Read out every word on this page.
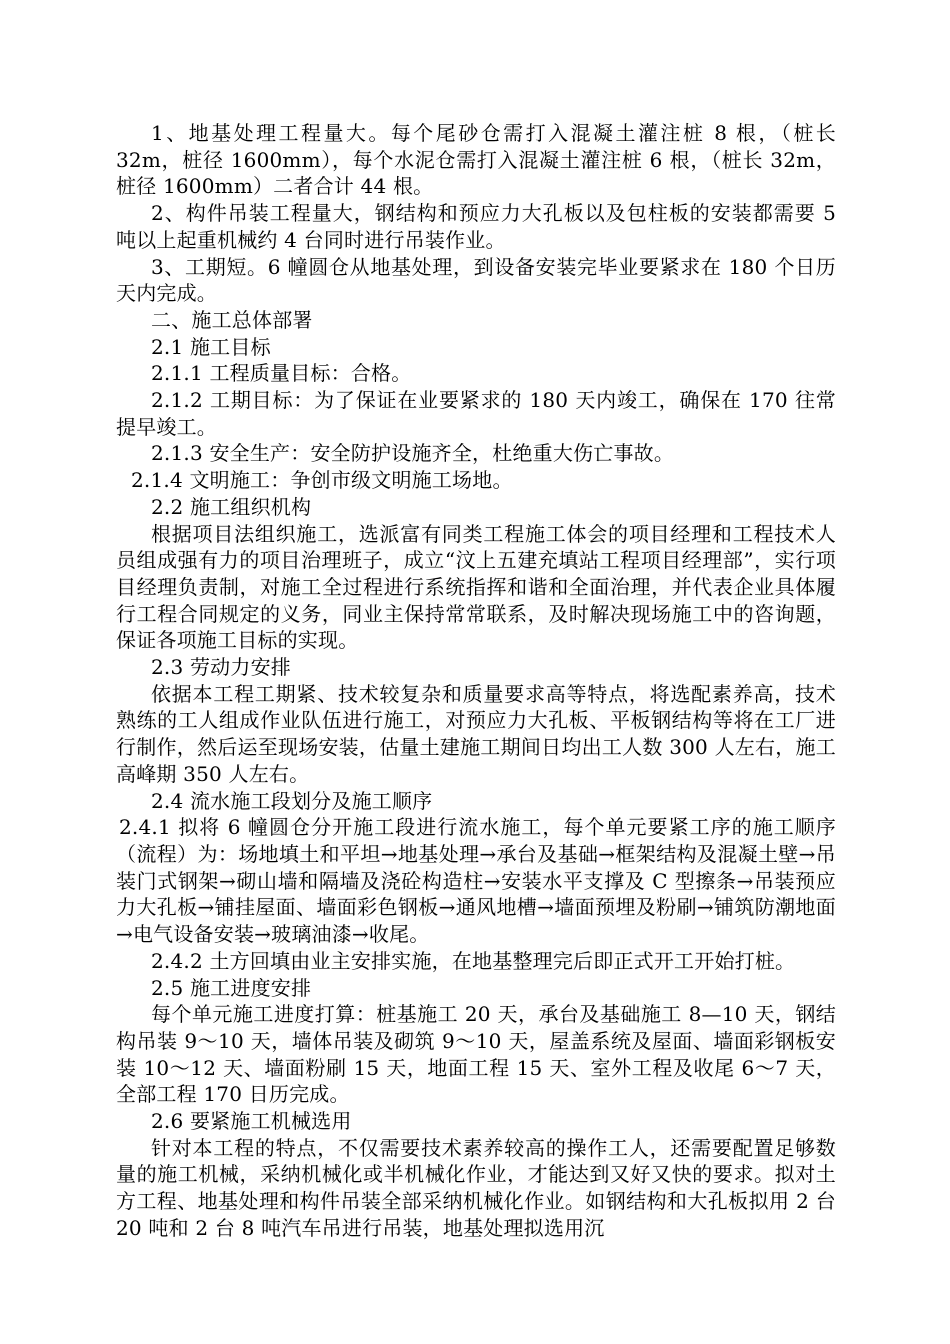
1、地基处理工程量大。每个尾砂仓需打入混凝土灌注桩 8 根，（桩长 32m，桩径 1600mm），每个水泥仓需打入混凝土灌注桩 6 根，（桩长 32m，桩径 1600mm）二者合计 44 根。

2、构件吊装工程量大，钢结构和预应力大孔板以及包柱板的安装都需要 5 吨以上起重机械约 4 台同时进行吊装作业。

3、工期短。6 幢圆仓从地基处理，到设备安装完毕业要紧求在 180 个日历天内完成。

二、施工总体部署

2.1 施工目标

2.1.1 工程质量目标：合格。

2.1.2 工期目标：为了保证在业要紧求的 180 天内竣工，确保在 170 往常提早竣工。

2.1.3 安全生产：安全防护设施齐全，杜绝重大伤亡事故。

2.1.4 文明施工：争创市级文明施工场地。

2.2 施工组织机构

根据项目法组织施工，选派富有同类工程施工体会的项目经理和工程技术人员组成强有力的项目治理班子，成立“汶上五建充填站工程项目经理部”，实行项目经理负责制，对施工全过程进行系统指挥和谐和全面治理，并代表企业具体履行工程合同规定的义务，同业主保持常常联系，及时解决现场施工中的咨询题，保证各项施工目标的实现。

2.3 劳动力安排

依据本工程工期紧、技术较复杂和质量要求高等特点，将选配素养高，技术熟练的工人组成作业队伍进行施工，对预应力大孔板、平板钢结构等将在工厂进行制作，然后运至现场安装，估量土建施工期间日均出工人数 300 人左右，施工高峰期 350 人左右。

2.4 流水施工段划分及施工顺序

2.4.1 拟将 6 幢圆仓分开施工段进行流水施工，每个单元要紧工序的施工顺序（流程）为：场地填土和平坦→地基处理→承台及基础→框架结构及混凝土壁→吊装门式钢架→砌山墙和隔墙及浇砼构造柱→安装水平支撑及 C 型擦条→吊装预应力大孔板→铺挂屋面、墙面彩色钢板→通风地槽→墙面预埋及粉刷→铺筑防潮地面→电气设备安装→玻璃油漆→收尾。

2.4.2 土方回填由业主安排实施，在地基整理完后即正式开工开始打桩。

2.5 施工进度安排

每个单元施工进度打算：桩基施工 20 天，承台及基础施工 8—10 天，钢结构吊装 9～10 天，墙体吊装及砌筑 9～10 天，屋盖系统及屋面、墙面彩钢板安装 10～12 天、墙面粉刷 15 天，地面工程 15 天、室外工程及收尾 6～7 天，全部工程 170 日历完成。

2.6 要紧施工机械选用

针对本工程的特点，不仅需要技术素养较高的操作工人，还需要配置足够数量的施工机械，采纳机械化或半机械化作业，才能达到又好又快的要求。拟对土方工程、地基处理和构件吊装全部采纳机械化作业。如钢结构和大孔板拟用 2 台 20 吨和 2 台 8 吨汽车吊进行吊装，地基处理拟选用沉
